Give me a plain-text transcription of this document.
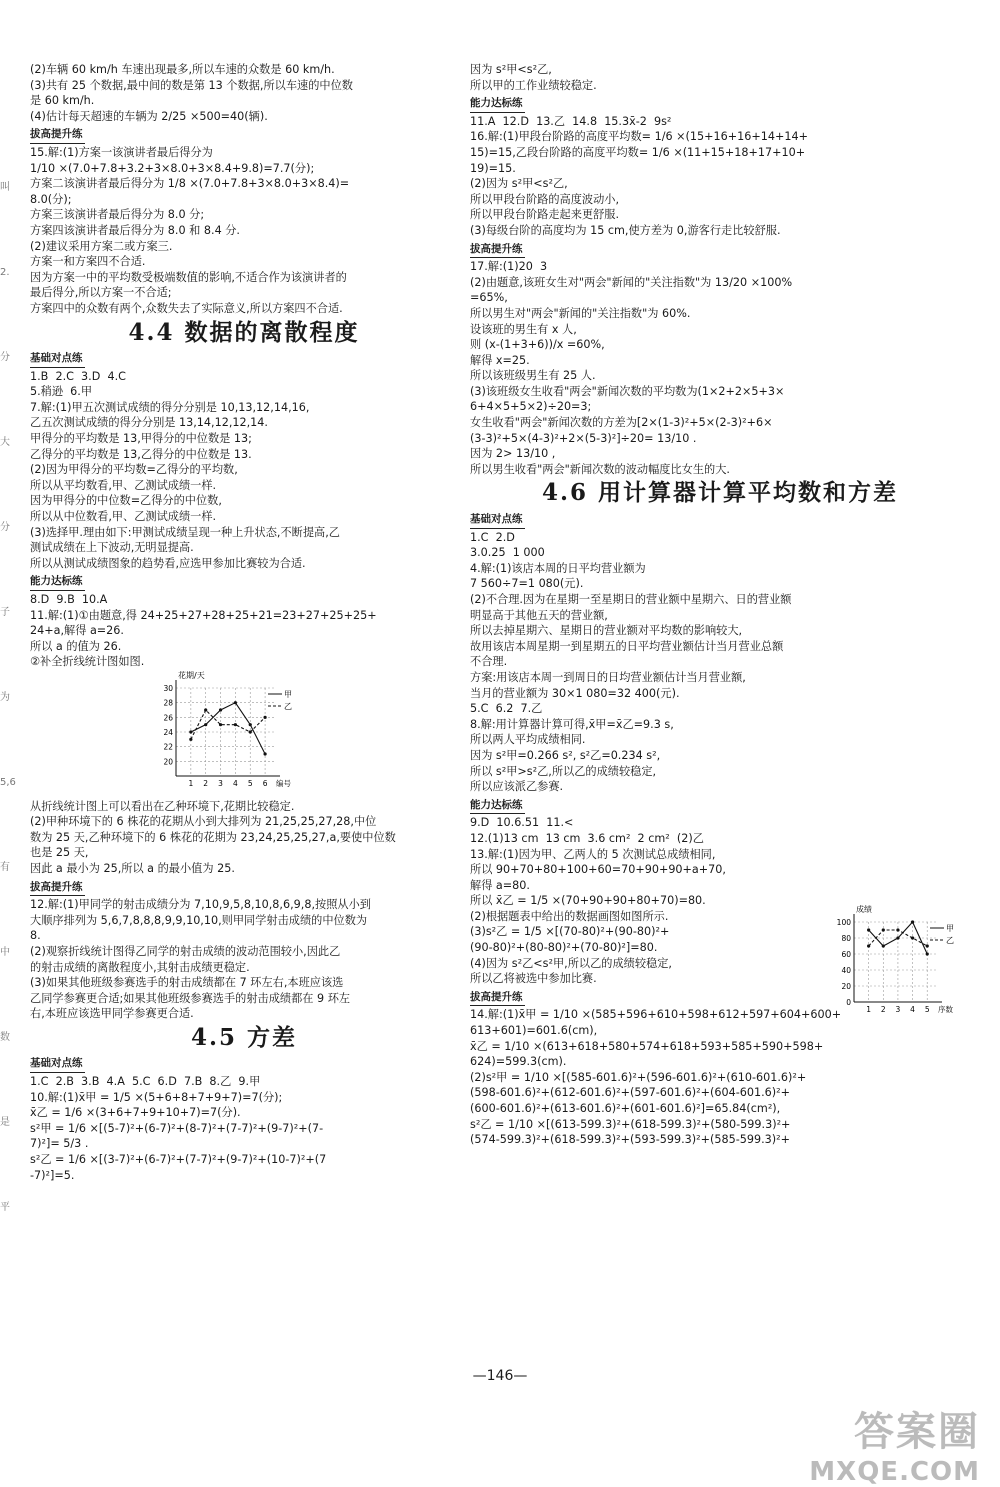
叫
2.
分
大
分
子
为
5,6
有
中
数
是
平
(2)车辆 60 km/h 车速出现最多,所以车速的众数是 60 km/h.
(3)共有 25 个数据,最中间的数是第 13 个数据,所以车速的中位数
是 60 km/h.
(4)估计每天超速的车辆为 2/25 ×500=40(辆).
拔高提升练
15.解:(1)方案一该演讲者最后得分为
1/10 ×(7.0+7.8+3.2+3×8.0+3×8.4+9.8)=7.7(分);
方案二该演讲者最后得分为 1/8 ×(7.0+7.8+3×8.0+3×8.4)=
8.0(分);
方案三该演讲者最后得分为 8.0 分;
方案四该演讲者最后得分为 8.0 和 8.4 分.
(2)建议采用方案二或方案三.
方案一和方案四不合适.
因为方案一中的平均数受极端数值的影响,不适合作为该演讲者的
最后得分,所以方案一不合适;
方案四中的众数有两个,众数失去了实际意义,所以方案四不合适.
4.4 数据的离散程度
基础对点练
1.B  2.C  3.D  4.C
5.稍逊  6.甲
7.解:(1)甲五次测试成绩的得分分别是 10,13,12,14,16,
乙五次测试成绩的得分分别是 13,14,12,12,14.
甲得分的平均数是 13,甲得分的中位数是 13;
乙得分的平均数是 13,乙得分的中位数是 13.
(2)因为甲得分的平均数=乙得分的平均数,
所以从平均数看,甲、乙测试成绩一样.
因为甲得分的中位数=乙得分的中位数,
所以从中位数看,甲、乙测试成绩一样.
(3)选择甲.理由如下:甲测试成绩呈现一种上升状态,不断提高,乙
测试成绩在上下波动,无明显提高.
所以从测试成绩图象的趋势看,应选甲参加比赛较为合适.
能力达标练
8.D  9.B  10.A
11.解:(1)①由题意,得 24+25+27+28+25+21=23+27+25+25+
24+a,解得 a=26.
所以 a 的值为 26.
②补全折线统计图如图.
20
22
24
26
28
30
1 2 3 4 5 6
花期/天
编号
甲
乙
从折线统计图上可以看出在乙种环境下,花期比较稳定.
(2)甲种环境下的 6 株花的花期从小到大排列为 21,25,25,27,28,中位
数为 25 天,乙种环境下的 6 株花的花期为 23,24,25,25,27,a,要使中位数
也是 25 天,
因此 a 最小为 25,所以 a 的最小值为 25.
拔高提升练
12.解:(1)甲同学的射击成绩分为 7,10,9,5,8,10,8,6,9,8,按照从小到
大顺序排列为 5,6,7,8,8,8,9,9,10,10,则甲同学射击成绩的中位数为
8.
(2)观察折线统计图得乙同学的射击成绩的波动范围较小,因此乙
的射击成绩的离散程度小,其射击成绩更稳定.
(3)如果其他班级参赛选手的射击成绩都在 7 环左右,本班应该选
乙同学参赛更合适;如果其他班级参赛选手的射击成绩都在 9 环左
右,本班应该选甲同学参赛更合适.
4.5 方差
基础对点练
1.C  2.B  3.B  4.A  5.C  6.D  7.B  8.乙  9.甲
10.解:(1)x̄甲 = 1/5 ×(5+6+8+7+9+7)=7(分);
x̄乙 = 1/6 ×(3+6+7+9+10+7)=7(分).
s²甲 = 1/6 ×[(5-7)²+(6-7)²+(8-7)²+(7-7)²+(9-7)²+(7-
7)²]= 5/3 .
s²乙 = 1/6 ×[(3-7)²+(6-7)²+(7-7)²+(9-7)²+(10-7)²+(7
-7)²]=5.
因为 s²甲<s²乙,
所以甲的工作业绩较稳定.
能力达标练
11.A  12.D  13.乙  14.8  15.3x̄-2  9s²
16.解:(1)甲段台阶路的高度平均数= 1/6 ×(15+16+16+14+14+
15)=15,乙段台阶路的高度平均数= 1/6 ×(11+15+18+17+10+
19)=15.
(2)因为 s²甲<s²乙,
所以甲段台阶路的高度波动小,
所以甲段台阶路走起来更舒服.
(3)每级台阶的高度均为 15 cm,使方差为 0,游客行走比较舒服.
拔高提升练
17.解:(1)20  3
(2)由题意,该班女生对"两会"新闻的"关注指数"为 13/20 ×100%
=65%,
所以男生对"两会"新闻的"关注指数"为 60%.
设该班的男生有 x 人,
则 (x-(1+3+6))/x =60%,
解得 x=25.
所以该班级男生有 25 人.
(3)该班级女生收看"两会"新闻次数的平均数为(1×2+2×5+3×
6+4×5+5×2)÷20=3;
女生收看"两会"新闻次数的方差为[2×(1-3)²+5×(2-3)²+6×
(3-3)²+5×(4-3)²+2×(5-3)²]÷20= 13/10 .
因为 2> 13/10 ,
所以男生收看"两会"新闻次数的波动幅度比女生的大.
4.6 用计算器计算平均数和方差
基础对点练
1.C  2.D
3.0.25  1 000
4.解:(1)该店本周的日平均营业额为
7 560÷7=1 080(元).
(2)不合理.因为在星期一至星期日的营业额中星期六、日的营业额
明显高于其他五天的营业额,
所以去掉星期六、星期日的营业额对平均数的影响较大,
故用该店本周星期一到星期五的日平均营业额估计当月营业总额
不合理.
方案:用该店本周一到周日的日均营业额估计当月营业额,
当月的营业额为 30×1 080=32 400(元).
5.C  6.2  7.乙
8.解:用计算器计算可得,x̄甲=x̄乙=9.3 s,
所以两人平均成绩相同.
因为 s²甲=0.266 s², s²乙=0.234 s²,
所以 s²甲>s²乙,所以乙的成绩较稳定,
所以应该派乙参赛.
能力达标练
0
20
40
60
80
100
1 2 3 4 5
成绩
序数
甲
乙
9.D  10.6.51  11.<
12.(1)13 cm  13 cm  3.6 cm²  2 cm²  (2)乙
13.解:(1)因为甲、乙两人的 5 次测试总成绩相同,
所以 90+70+80+100+60=70+90+90+a+70,
解得 a=80.
所以 x̄乙 = 1/5 ×(70+90+90+80+70)=80.
(2)根据题表中给出的数据画图如图所示.
(3)s²乙 = 1/5 ×[(70-80)²+(90-80)²+
(90-80)²+(80-80)²+(70-80)²]=80.
(4)因为 s²乙<s²甲,所以乙的成绩较稳定,
所以乙将被选中参加比赛.
拔高提升练
14.解:(1)x̄甲 = 1/10 ×(585+596+610+598+612+597+604+600+
613+601)=601.6(cm),
x̄乙 = 1/10 ×(613+618+580+574+618+593+585+590+598+
624)=599.3(cm).
(2)s²甲 = 1/10 ×[(585-601.6)²+(596-601.6)²+(610-601.6)²+
(598-601.6)²+(612-601.6)²+(597-601.6)²+(604-601.6)²+
(600-601.6)²+(613-601.6)²+(601-601.6)²]=65.84(cm²),
s²乙 = 1/10 ×[(613-599.3)²+(618-599.3)²+(580-599.3)²+
(574-599.3)²+(618-599.3)²+(593-599.3)²+(585-599.3)²+
—146—
答案圈
MXQE.COM
